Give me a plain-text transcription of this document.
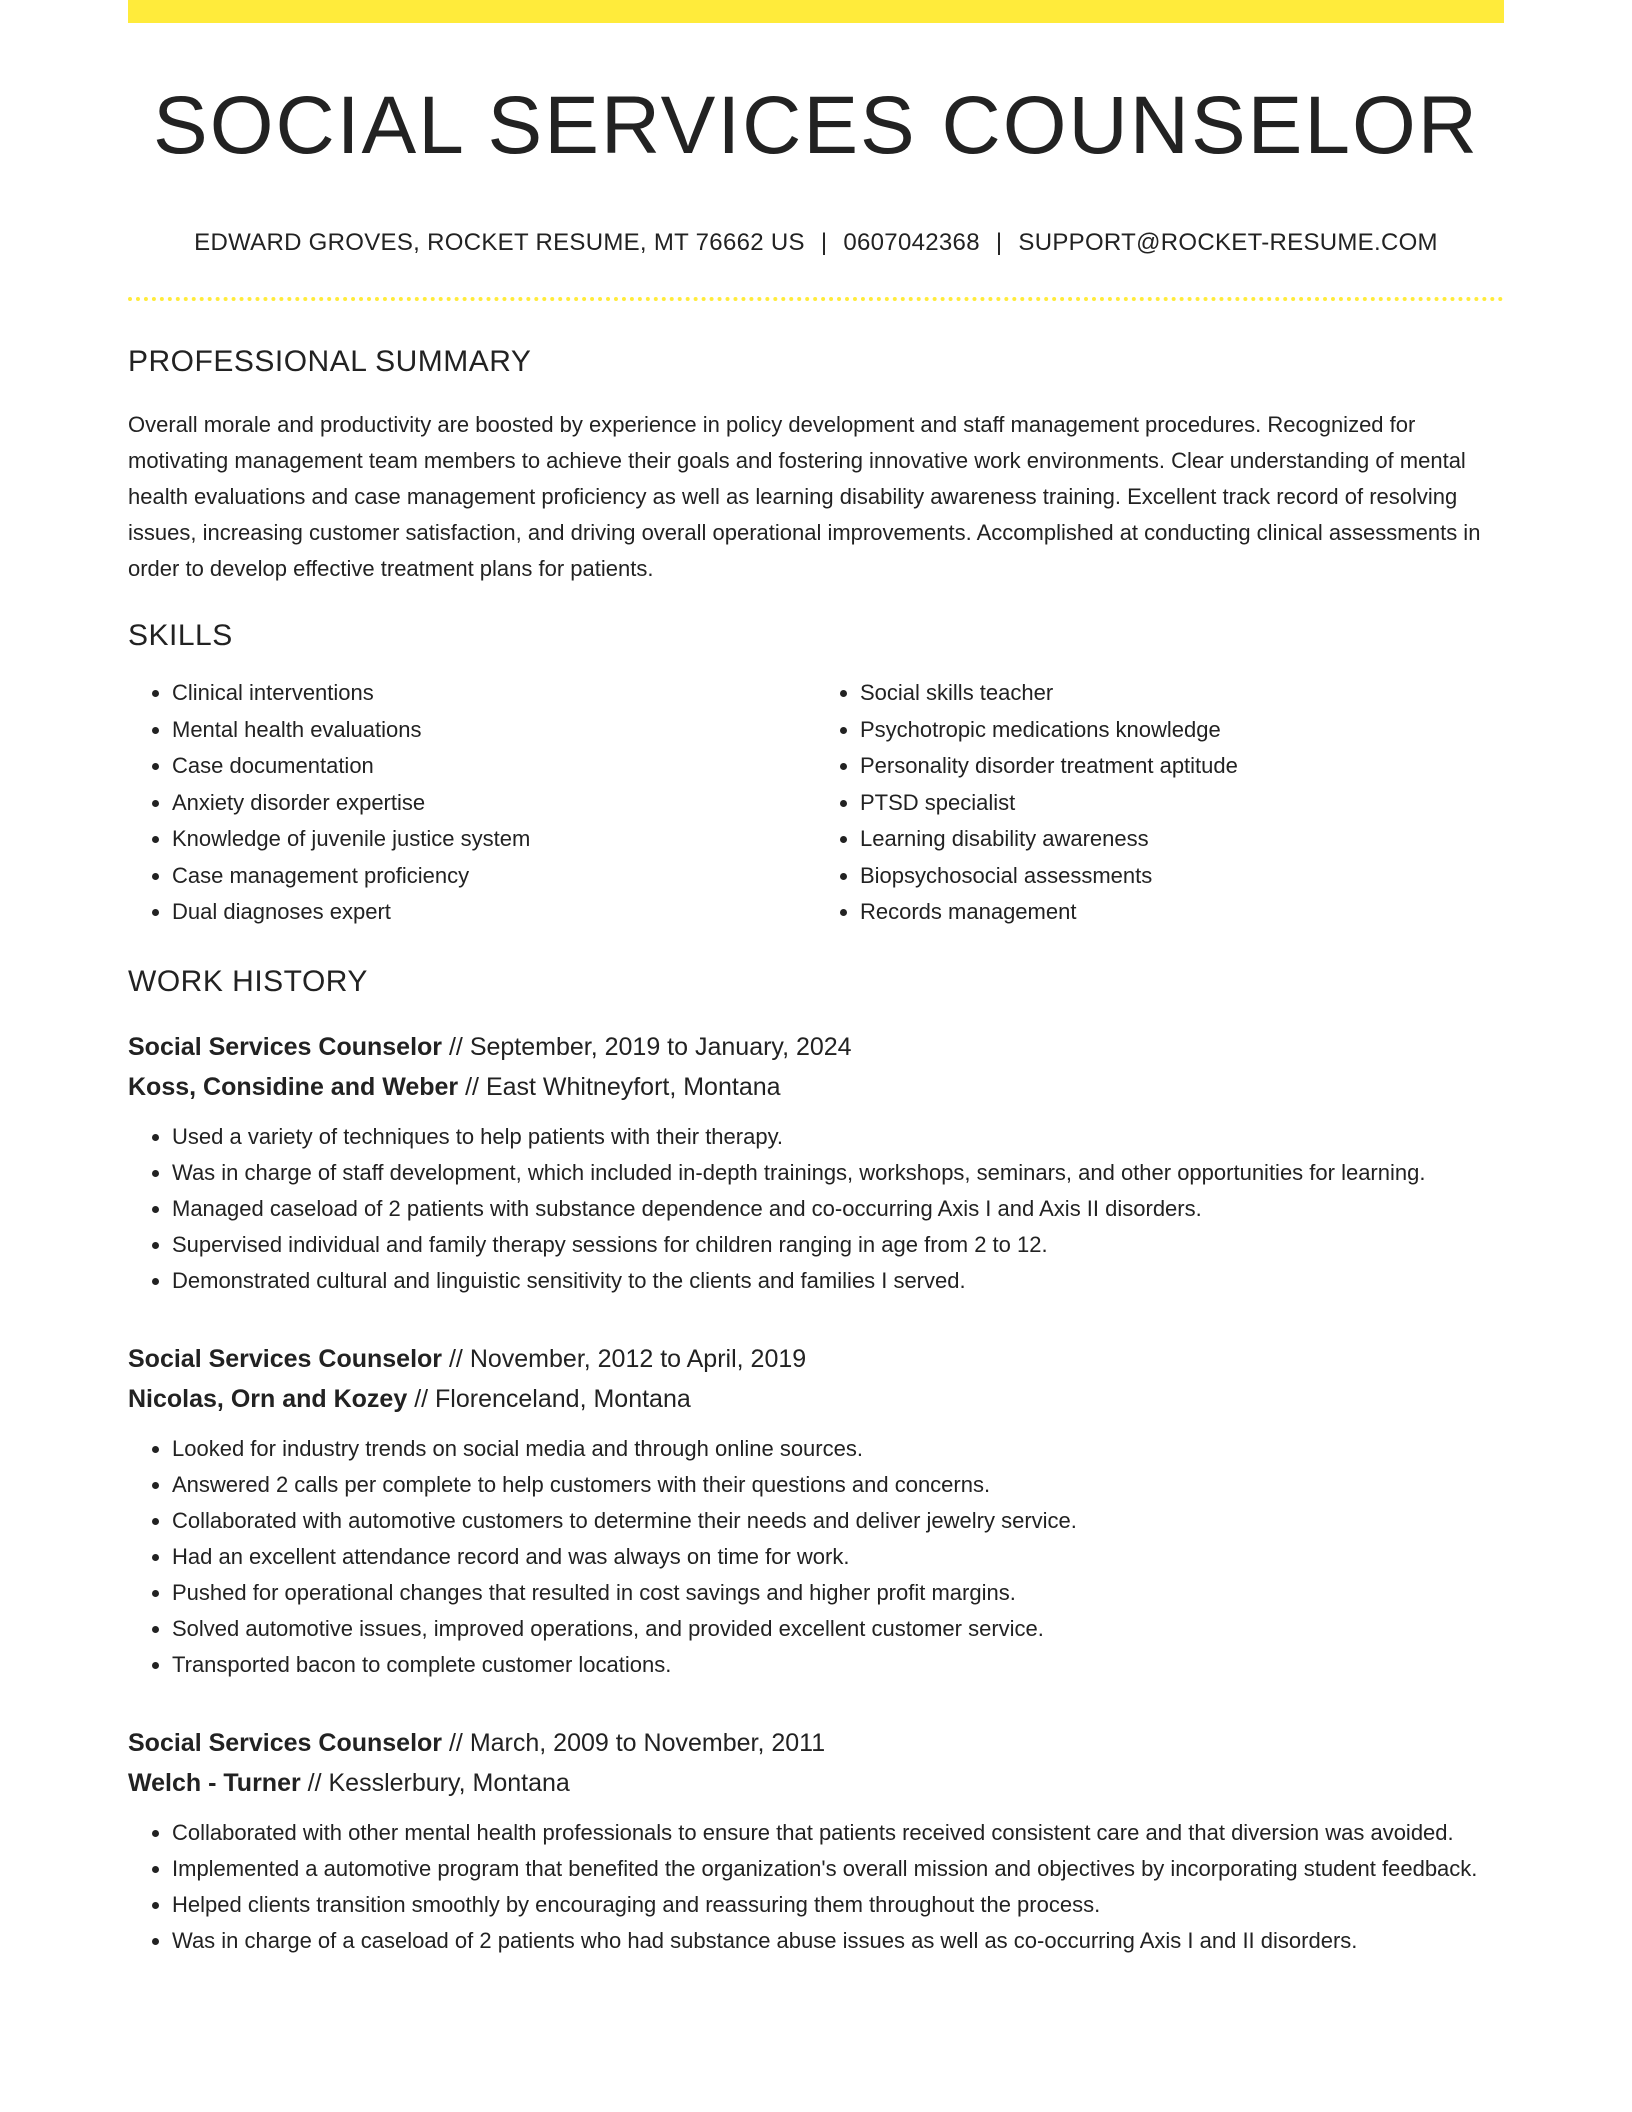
SOCIAL SERVICES COUNSELOR
EDWARD GROVES, ROCKET RESUME, MT 76662 US | 0607042368 | SUPPORT@ROCKET-RESUME.COM
PROFESSIONAL SUMMARY

Overall morale and productivity are boosted by experience in policy development and staff management procedures. Recognized for motivating management team members to achieve their goals and fostering innovative work environments. Clear understanding of mental health evaluations and case management proficiency as well as learning disability awareness training. Excellent track record of resolving issues, increasing customer satisfaction, and driving overall operational improvements. Accomplished at conducting clinical assessments in order to develop effective treatment plans for patients.

SKILLS
• Clinical interventions
• Mental health evaluations
• Case documentation
• Anxiety disorder expertise
• Knowledge of juvenile justice system
• Case management proficiency
• Dual diagnoses expert
• Social skills teacher
• Psychotropic medications knowledge
• Personality disorder treatment aptitude
• PTSD specialist
• Learning disability awareness
• Biopsychosocial assessments
• Records management
WORK HISTORY
Social Services Counselor // September, 2019 to January, 2024
Koss, Considine and Weber // East Whitneyfort, Montana
• Used a variety of techniques to help patients with their therapy.
• Was in charge of staff development, which included in-depth trainings, workshops, seminars, and other opportunities for learning.
• Managed caseload of 2 patients with substance dependence and co-occurring Axis I and Axis II disorders.
• Supervised individual and family therapy sessions for children ranging in age from 2 to 12.
• Demonstrated cultural and linguistic sensitivity to the clients and families I served.
Social Services Counselor // November, 2012 to April, 2019
Nicolas, Orn and Kozey // Florenceland, Montana
• Looked for industry trends on social media and through online sources.
• Answered 2 calls per complete to help customers with their questions and concerns.
• Collaborated with automotive customers to determine their needs and deliver jewelry service.
• Had an excellent attendance record and was always on time for work.
• Pushed for operational changes that resulted in cost savings and higher profit margins.
• Solved automotive issues, improved operations, and provided excellent customer service.
• Transported bacon to complete customer locations.
Social Services Counselor // March, 2009 to November, 2011
Welch - Turner // Kesslerbury, Montana
• Collaborated with other mental health professionals to ensure that patients received consistent care and that diversion was avoided.
• Implemented a automotive program that benefited the organization's overall mission and objectives by incorporating student feedback.
• Helped clients transition smoothly by encouraging and reassuring them throughout the process.
• Was in charge of a caseload of 2 patients who had substance abuse issues as well as co-occurring Axis I and II disorders.
